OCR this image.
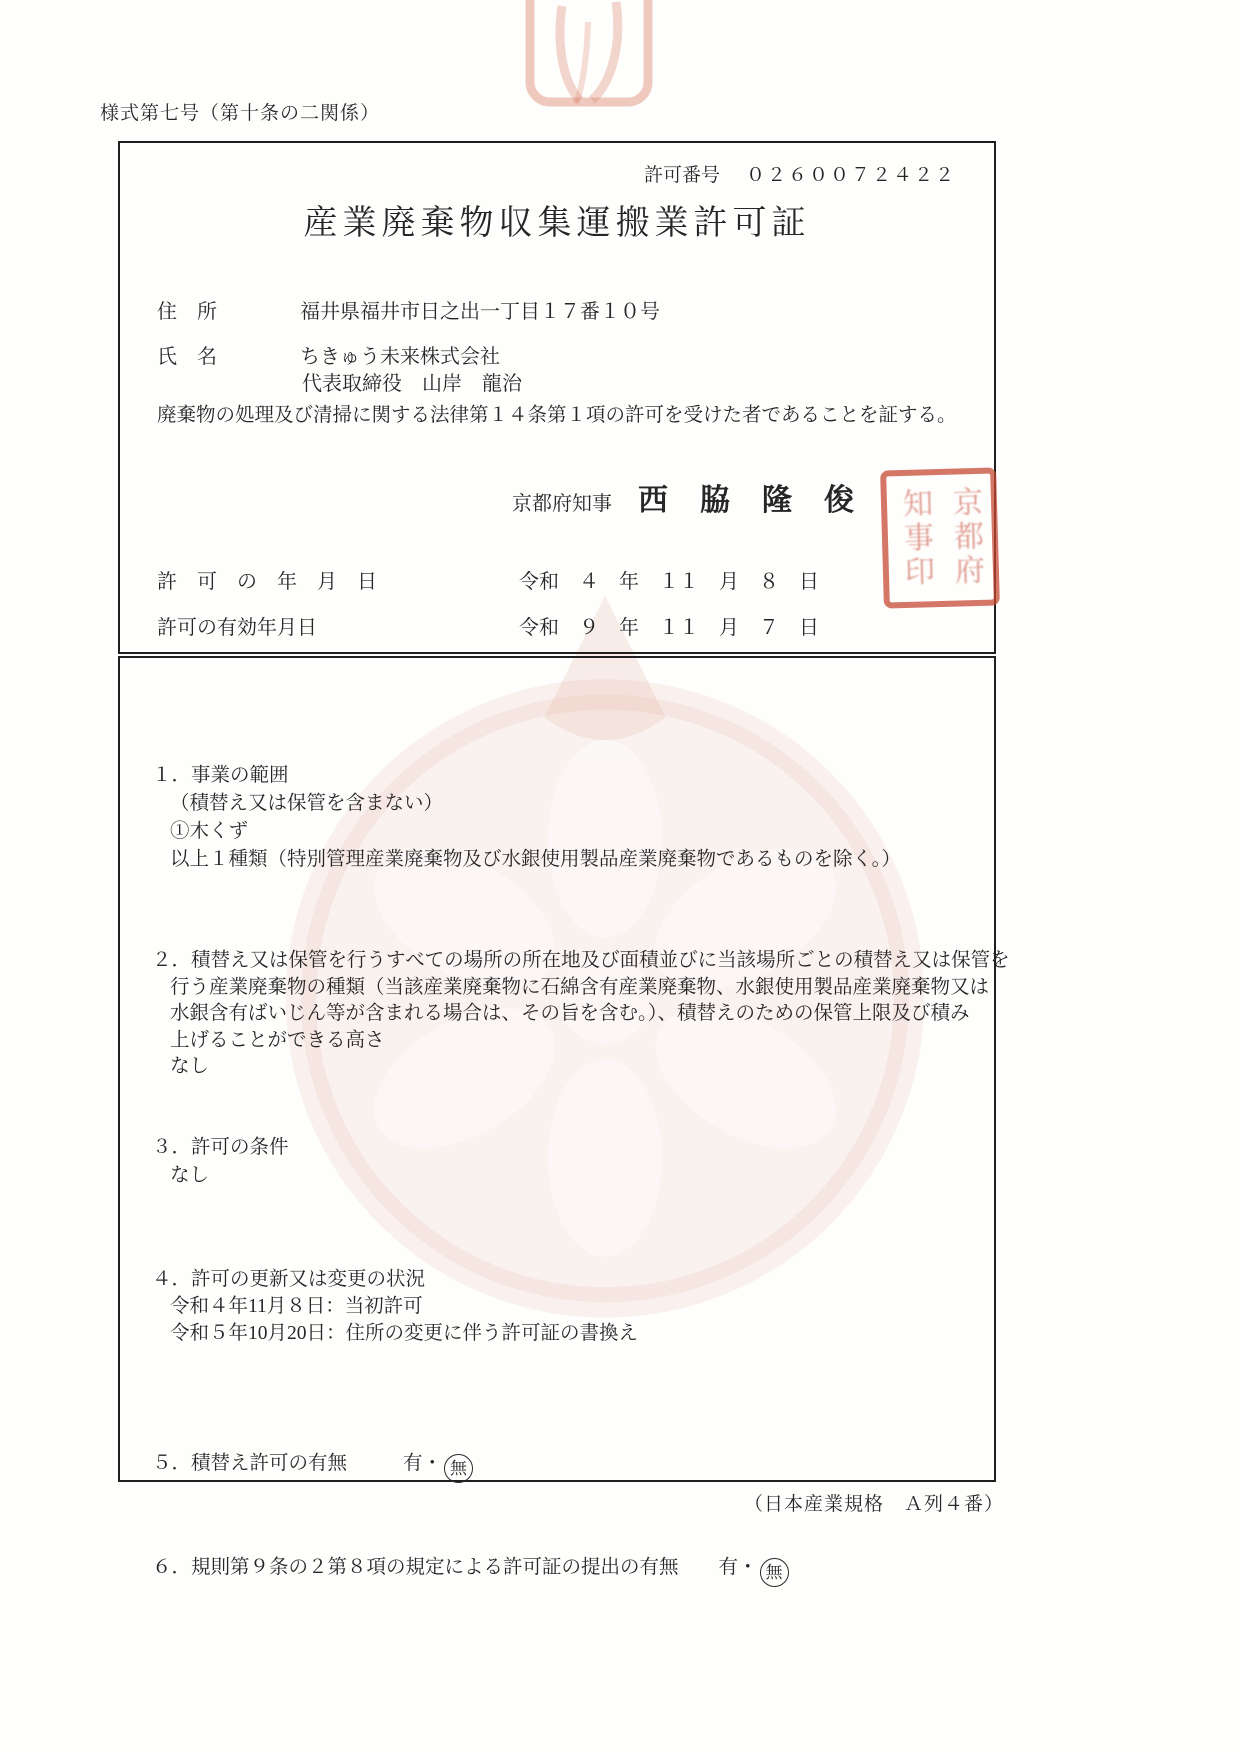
様式第七号（第十条の二関係）
許可番号 ０２６００７２４２２
産業廃棄物収集運搬業許可証
住　所	福井県福井市日之出一丁目１７番１０号
氏　名	ちきゅう未来株式会社
代表取締役　山岸　龍治
廃棄物の処理及び清掃に関する法律第１４条第１項の許可を受けた者であることを証する。
京都府知事 西　脇　隆　俊	京都府
知事印
許　可　の　年　月　日	令和　４　年　１１　月　８　日
許可の有効年月日	令和　９　年　１１　月　７　日
１．事業の範囲
（積替え又は保管を含まない）
①木くず
以上１種類（特別管理産業廃棄物及び水銀使用製品産業廃棄物であるものを除く。）
２．積替え又は保管を行うすべての場所の所在地及び面積並びに当該場所ごとの積替え又は保管を
行う産業廃棄物の種類（当該産業廃棄物に石綿含有産業廃棄物、水銀使用製品産業廃棄物又は
水銀含有ばいじん等が含まれる場合は、その旨を含む。）、積替えのための保管上限及び積み
上げることができる高さ
なし
３．許可の条件
なし
４．許可の更新又は変更の状況
令和４年11月８日：当初許可
令和５年10月20日：住所の変更に伴う許可証の書換え
５．積替え許可の有無	有・ 無
６．規則第９条の２第８項の規定による許可証の提出の有無 有・ 無
（日本産業規格　Ａ列４番）
